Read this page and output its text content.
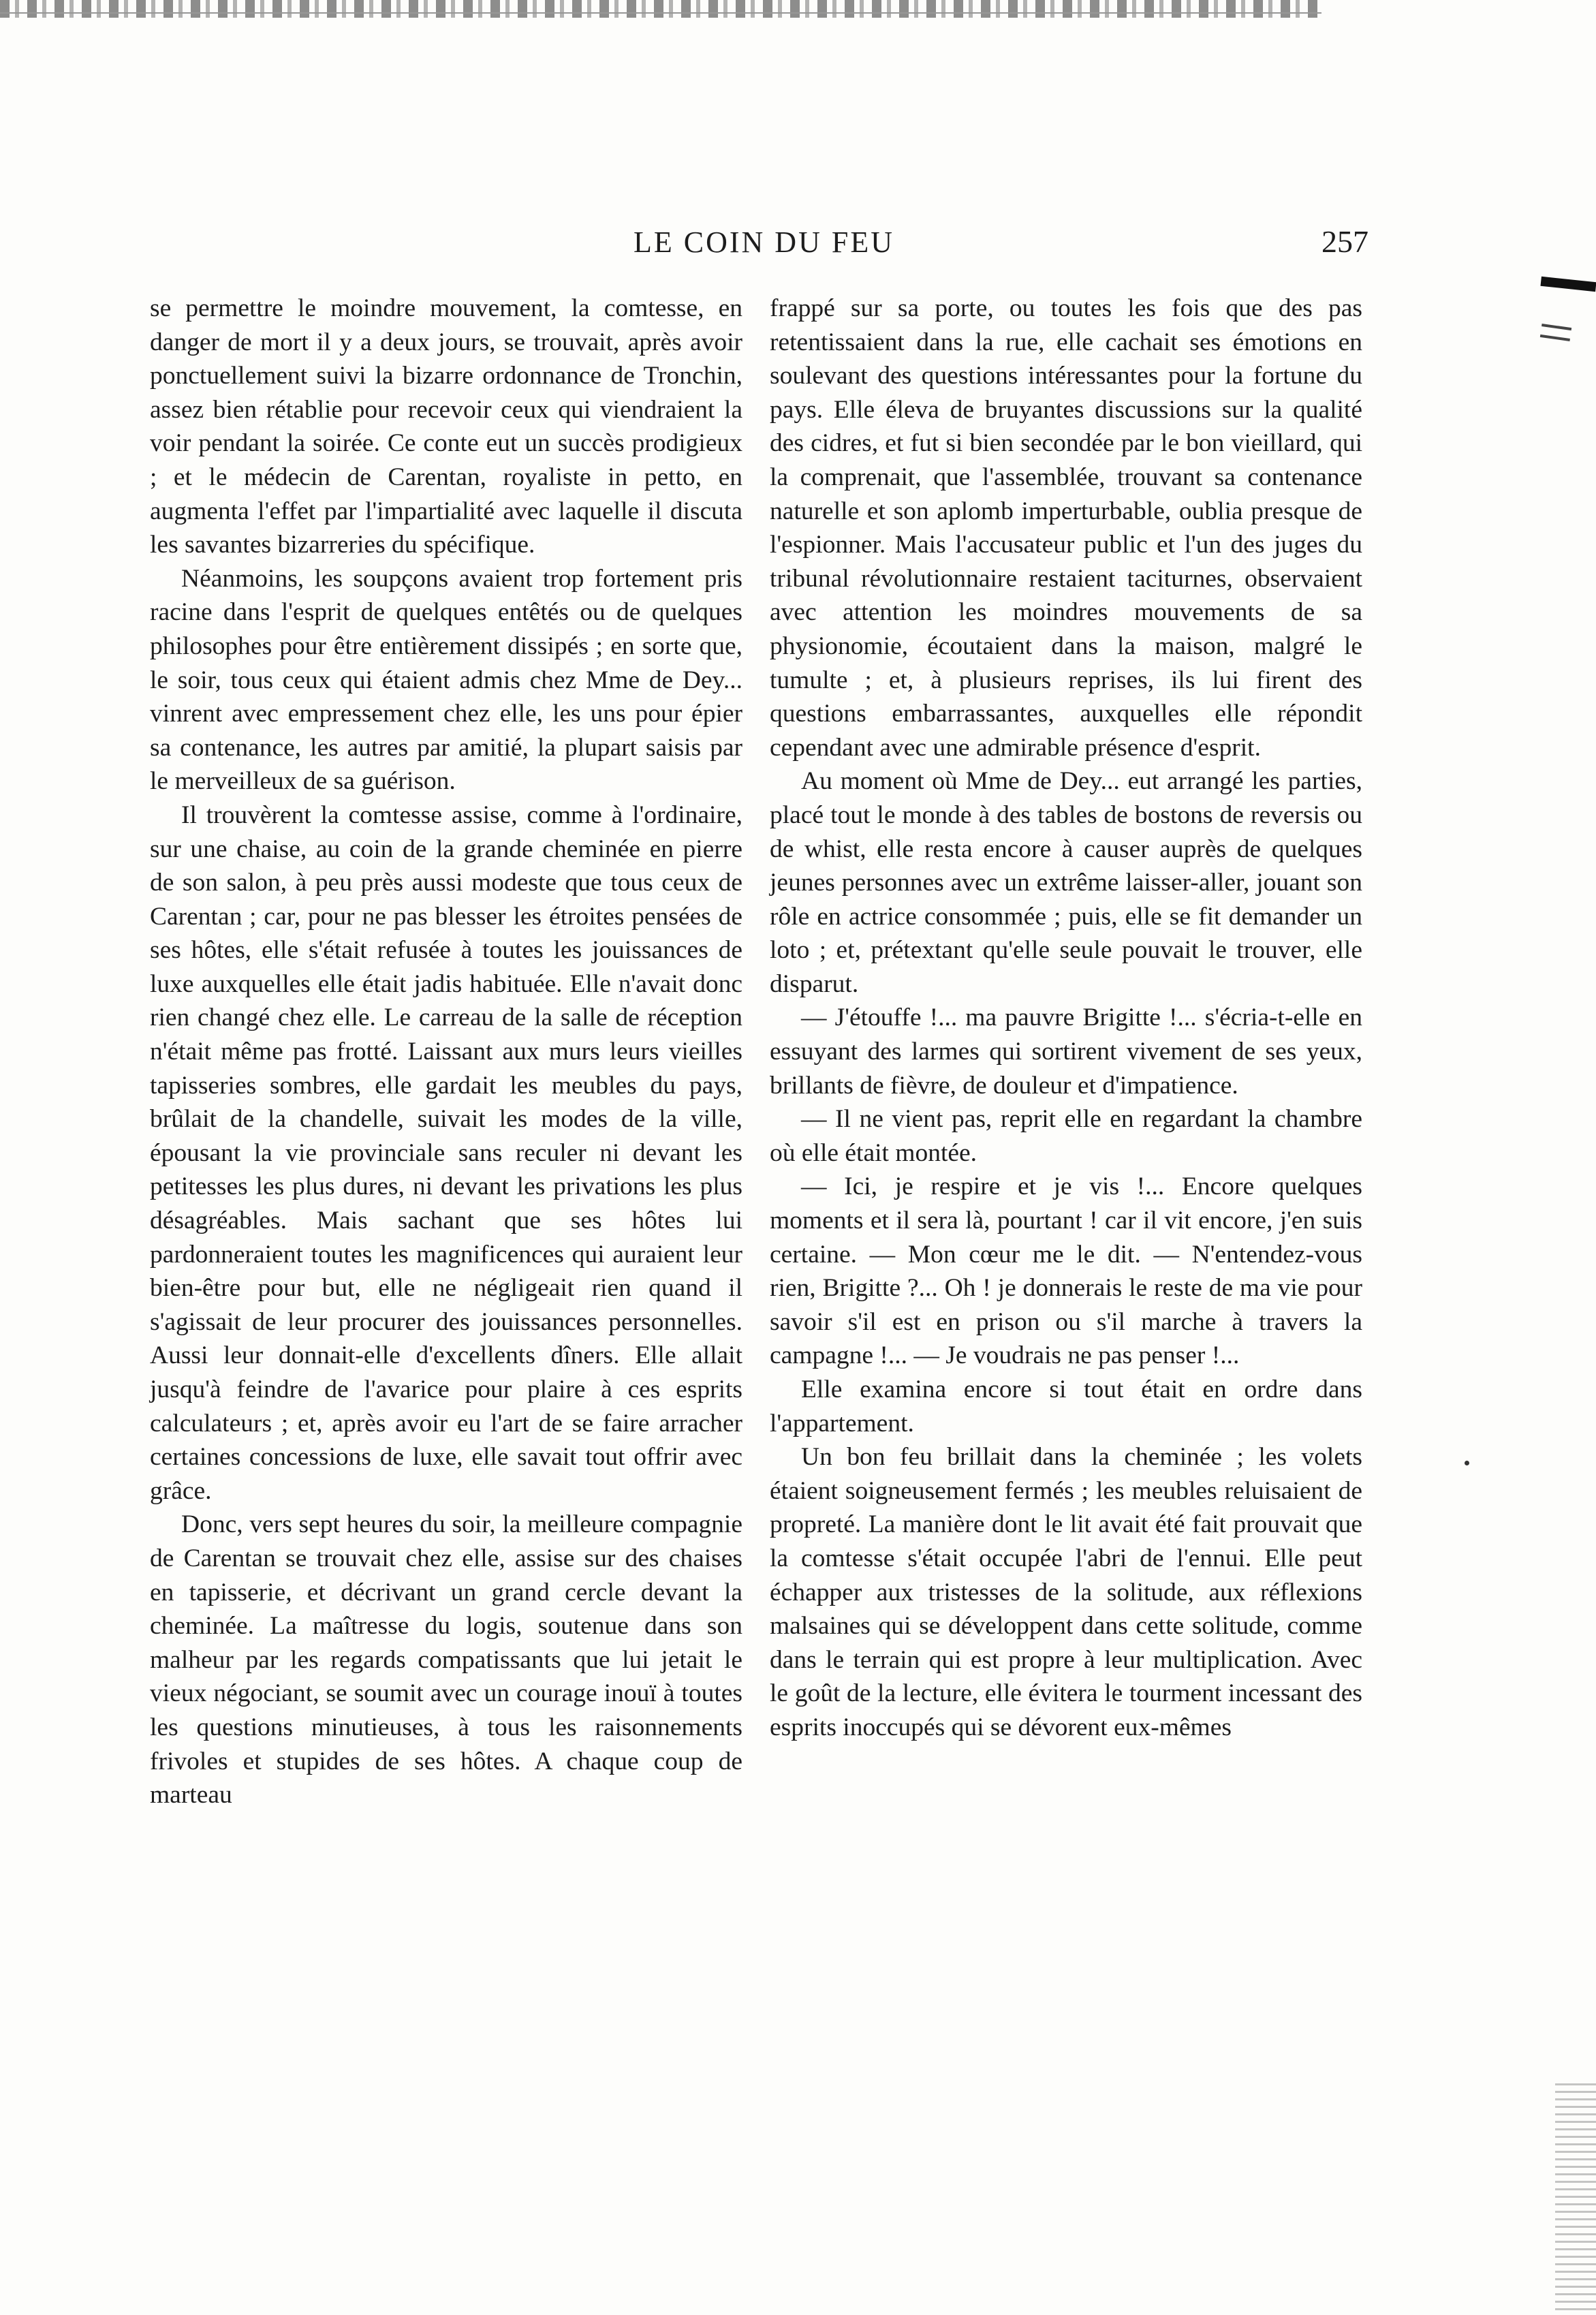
LE COIN DU FEU	257

se permettre le moindre mouvement, la comtesse, en danger de mort il y a deux jours, se trouvait, après avoir ponctuellement suivi la bizarre ordonnance de Tronchin, assez bien rétablie pour recevoir ceux qui viendraient la voir pendant la soirée. Ce conte eut un succès prodigieux ; et le médecin de Carentan, royaliste in petto, en augmenta l'effet par l'impartialité avec laquelle il discuta les savantes bizarreries du spécifique.

Néanmoins, les soupçons avaient trop fortement pris racine dans l'esprit de quelques entêtés ou de quelques philosophes pour être entièrement dissipés ; en sorte que, le soir, tous ceux qui étaient admis chez Mme de Dey... vinrent avec empressement chez elle, les uns pour épier sa contenance, les autres par amitié, la plupart saisis par le merveilleux de sa guérison.

Il trouvèrent la comtesse assise, comme à l'ordinaire, sur une chaise, au coin de la grande cheminée en pierre de son salon, à peu près aussi modeste que tous ceux de Carentan ; car, pour ne pas blesser les étroites pensées de ses hôtes, elle s'était refusée à toutes les jouissances de luxe auxquelles elle était jadis habituée. Elle n'avait donc rien changé chez elle. Le carreau de la salle de réception n'était même pas frotté. Laissant aux murs leurs vieilles tapisseries sombres, elle gardait les meubles du pays, brûlait de la chandelle, suivait les modes de la ville, épousant la vie provinciale sans reculer ni devant les petitesses les plus dures, ni devant les privations les plus désagréables. Mais sachant que ses hôtes lui pardonneraient toutes les magnificences qui auraient leur bien-être pour but, elle ne négligeait rien quand il s'agissait de leur procurer des jouissances personnelles. Aussi leur donnait-elle d'excellents dîners. Elle allait jusqu'à feindre de l'avarice pour plaire à ces esprits calculateurs ; et, après avoir eu l'art de se faire arracher certaines concessions de luxe, elle savait tout offrir avec grâce.

Donc, vers sept heures du soir, la meilleure compagnie de Carentan se trouvait chez elle, assise sur des chaises en tapisserie, et décrivant un grand cercle devant la cheminée. La maîtresse du logis, soutenue dans son malheur par les regards compatissants que lui jetait le vieux négociant, se soumit avec un courage inouï à toutes les questions minutieuses, à tous les raisonnements frivoles et stupides de ses hôtes. A chaque coup de marteau

frappé sur sa porte, ou toutes les fois que des pas retentissaient dans la rue, elle cachait ses émotions en soulevant des questions intéressantes pour la fortune du pays. Elle éleva de bruyantes discussions sur la qualité des cidres, et fut si bien secondée par le bon vieillard, qui la comprenait, que l'assemblée, trouvant sa contenance naturelle et son aplomb imperturbable, oublia presque de l'espionner. Mais l'accusateur public et l'un des juges du tribunal révolutionnaire restaient taciturnes, observaient avec attention les moindres mouvements de sa physionomie, écoutaient dans la maison, malgré le tumulte ; et, à plusieurs reprises, ils lui firent des questions embarrassantes, auxquelles elle répondit cependant avec une admirable présence d'esprit.

Au moment où Mme de Dey... eut arrangé les parties, placé tout le monde à des tables de bostons de reversis ou de whist, elle resta encore à causer auprès de quelques jeunes personnes avec un extrême laisser-aller, jouant son rôle en actrice consommée ; puis, elle se fit demander un loto ; et, prétextant qu'elle seule pouvait le trouver, elle disparut.

— J'étouffe !... ma pauvre Brigitte !... s'écria-t-elle en essuyant des larmes qui sortirent vivement de ses yeux, brillants de fièvre, de douleur et d'impatience.

— Il ne vient pas, reprit elle en regardant la chambre où elle était montée.

— Ici, je respire et je vis !... Encore quelques moments et il sera là, pourtant ! car il vit encore, j'en suis certaine. — Mon cœur me le dit. — N'entendez-vous rien, Brigitte ?... Oh ! je donnerais le reste de ma vie pour savoir s'il est en prison ou s'il marche à travers la campagne !... — Je voudrais ne pas penser !...

Elle examina encore si tout était en ordre dans l'appartement.

Un bon feu brillait dans la cheminée ; les volets étaient soigneusement fermés ; les meubles reluisaient de propreté. La manière dont le lit avait été fait prouvait que la comtesse s'était occupée l'abri de l'ennui. Elle peut échapper aux tristesses de la solitude, aux réflexions malsaines qui se développent dans cette solitude, comme dans le terrain qui est propre à leur multiplication. Avec le goût de la lecture, elle évitera le tourment incessant des esprits inoccupés qui se dévorent eux-mêmes
